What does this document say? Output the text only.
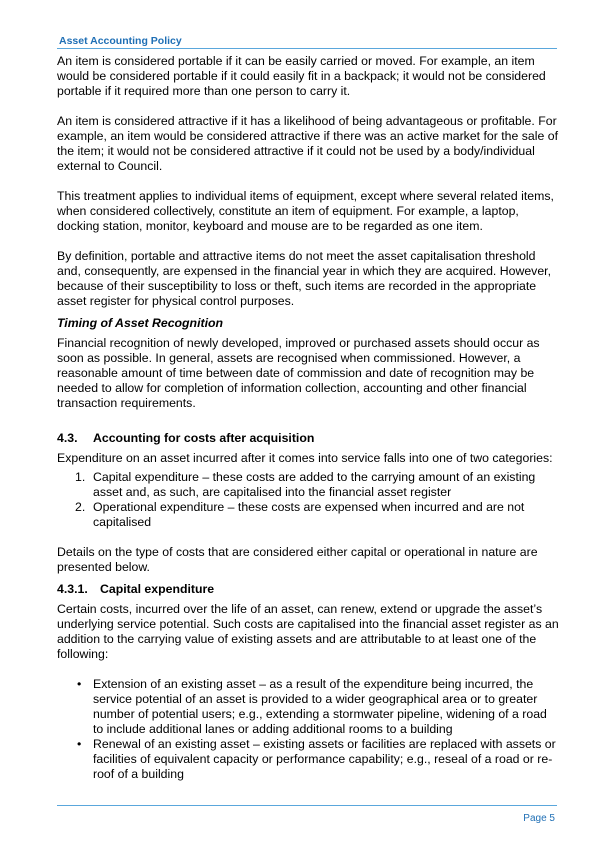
Asset Accounting Policy

An item is considered portable if it can be easily carried or moved. For example, an item would be considered portable if it could easily fit in a backpack; it would not be considered portable if it required more than one person to carry it.

An item is considered attractive if it has a likelihood of being advantageous or profitable. For example, an item would be considered attractive if there was an active market for the sale of the item; it would not be considered attractive if it could not be used by a body/individual external to Council.

This treatment applies to individual items of equipment, except where several related items, when considered collectively, constitute an item of equipment. For example, a laptop, docking station, monitor, keyboard and mouse are to be regarded as one item.

By definition, portable and attractive items do not meet the asset capitalisation threshold and, consequently, are expensed in the financial year in which they are acquired. However, because of their susceptibility to loss or theft, such items are recorded in the appropriate asset register for physical control purposes.

Timing of Asset Recognition

Financial recognition of newly developed, improved or purchased assets should occur as soon as possible. In general, assets are recognised when commissioned. However, a reasonable amount of time between date of commission and date of recognition may be needed to allow for completion of information collection, accounting and other financial transaction requirements.

4.3. Accounting for costs after acquisition

Expenditure on an asset incurred after it comes into service falls into one of two categories:

1. Capital expenditure – these costs are added to the carrying amount of an existing asset and, as such, are capitalised into the financial asset register
2. Operational expenditure – these costs are expensed when incurred and are not capitalised

Details on the type of costs that are considered either capital or operational in nature are presented below.

4.3.1. Capital expenditure

Certain costs, incurred over the life of an asset, can renew, extend or upgrade the asset’s underlying service potential. Such costs are capitalised into the financial asset register as an addition to the carrying value of existing assets and are attributable to at least one of the following:

• Extension of an existing asset – as a result of the expenditure being incurred, the service potential of an asset is provided to a wider geographical area or to greater number of potential users; e.g., extending a stormwater pipeline, widening of a road to include additional lanes or adding additional rooms to a building
• Renewal of an existing asset – existing assets or facilities are replaced with assets or facilities of equivalent capacity or performance capability; e.g., reseal of a road or re-roof of a building
Page 5
